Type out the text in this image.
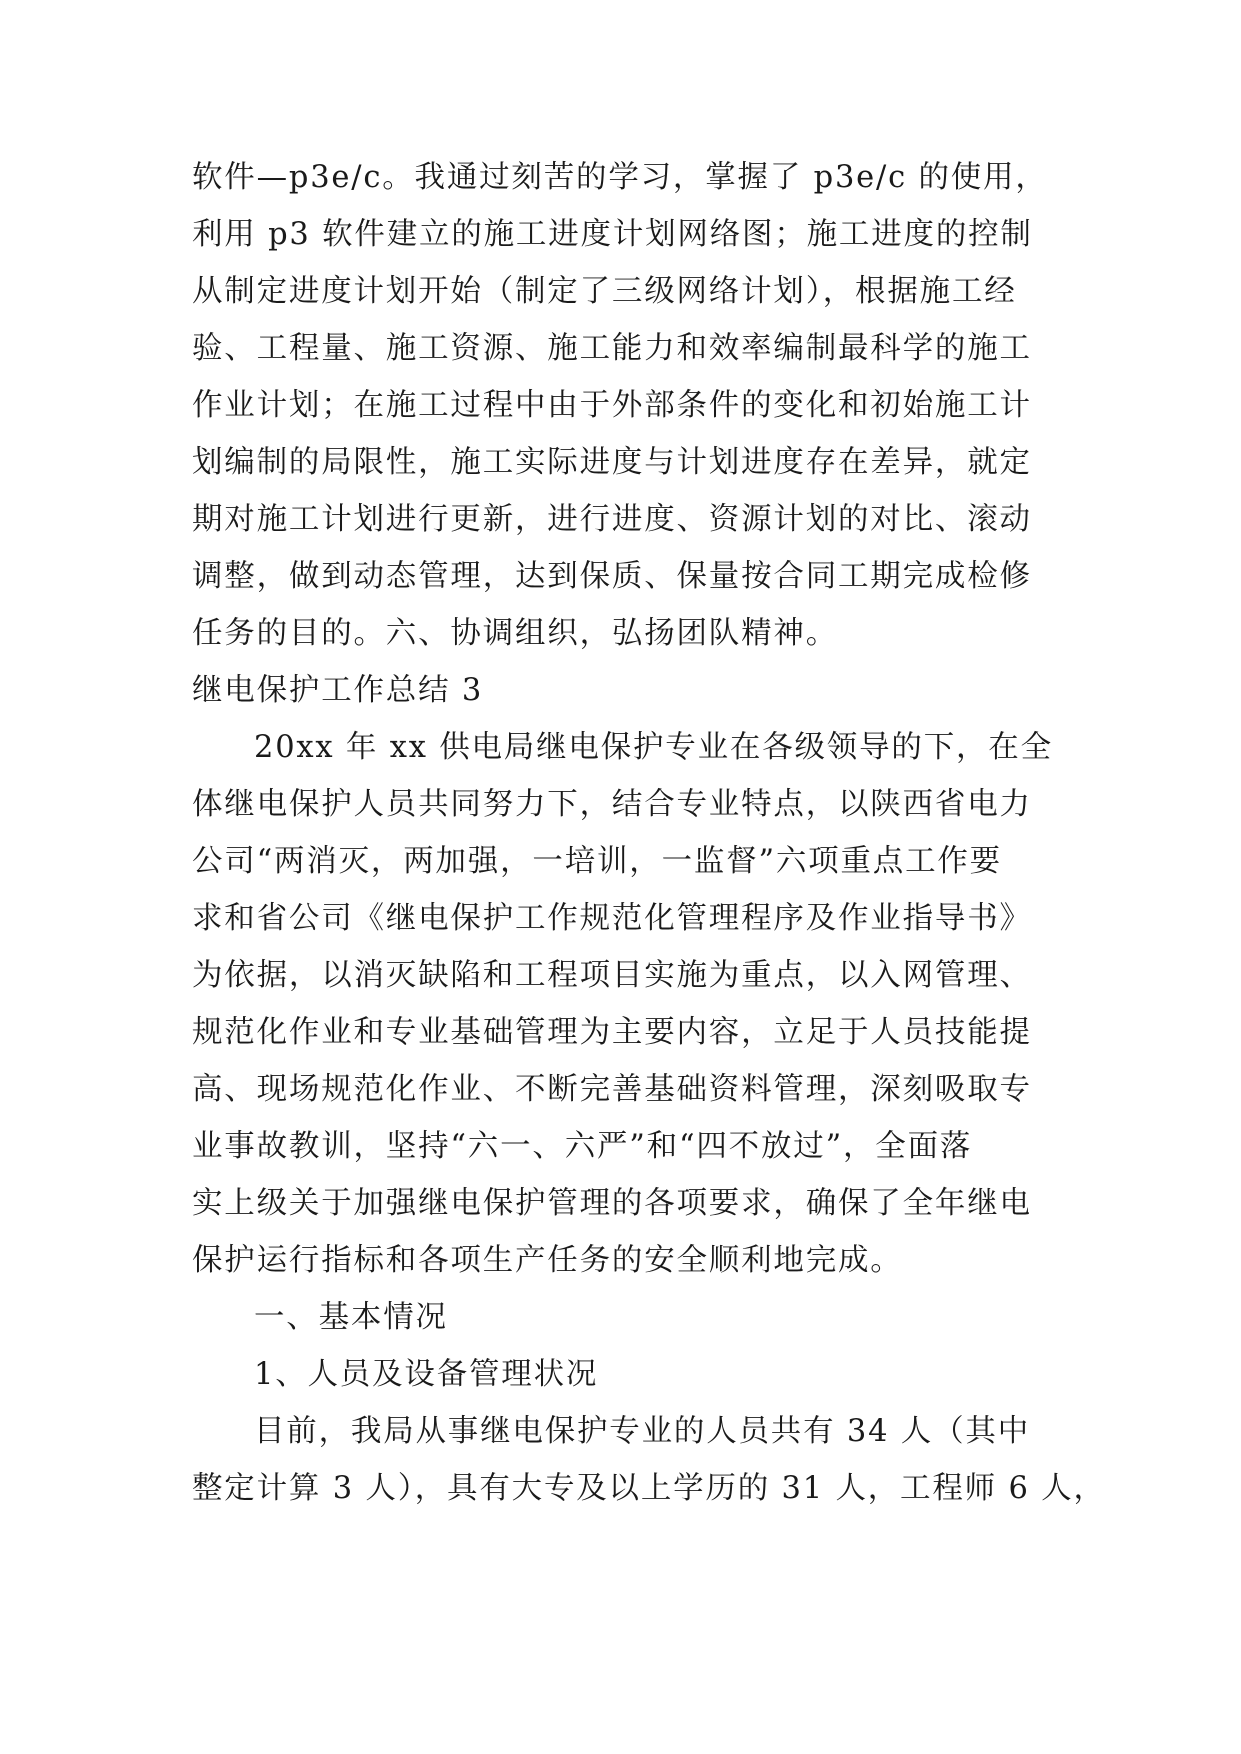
软件—p3e/c。我通过刻苦的学习，掌握了 p3e/c 的使用，
利用 p3 软件建立的施工进度计划网络图；施工进度的控制
从制定进度计划开始（制定了三级网络计划），根据施工经
验、工程量、施工资源、施工能力和效率编制最科学的施工
作业计划；在施工过程中由于外部条件的变化和初始施工计
划编制的局限性，施工实际进度与计划进度存在差异，就定
期对施工计划进行更新，进行进度、资源计划的对比、滚动
调整，做到动态管理，达到保质、保量按合同工期完成检修
任务的目的。六、协调组织，弘扬团队精神。
继电保护工作总结 3
20xx 年 xx 供电局继电保护专业在各级领导的下，在全
体继电保护人员共同努力下，结合专业特点，以陕西省电力
公司“两消灭，两加强，一培训，一监督”六项重点工作要
求和省公司《继电保护工作规范化管理程序及作业指导书》
为依据，以消灭缺陷和工程项目实施为重点，以入网管理、
规范化作业和专业基础管理为主要内容，立足于人员技能提
高、现场规范化作业、不断完善基础资料管理，深刻吸取专
业事故教训，坚持“六一、六严”和“四不放过”，全面落
实上级关于加强继电保护管理的各项要求，确保了全年继电
保护运行指标和各项生产任务的安全顺利地完成。
一、基本情况
1、人员及设备管理状况
目前，我局从事继电保护专业的人员共有 34 人（其中
整定计算 3 人），具有大专及以上学历的 31 人，工程师 6 人，
